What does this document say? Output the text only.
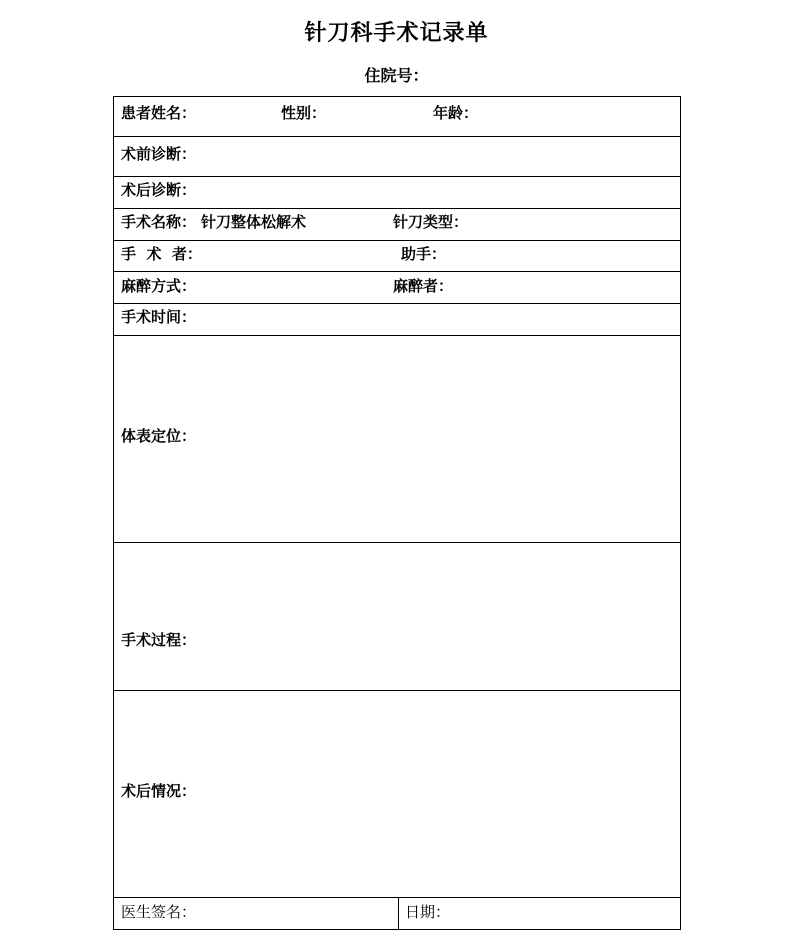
针刀科手术记录单
住院号：
患者姓名：	性别：	年龄：
术前诊断：
术后诊断：
手术名称： 针刀整体松解术	针刀类型：
手  术  者：	助手：
麻醉方式：	麻醉者：
手术时间：
体表定位：
手术过程：
术后情况：
医生签名：	日期：
